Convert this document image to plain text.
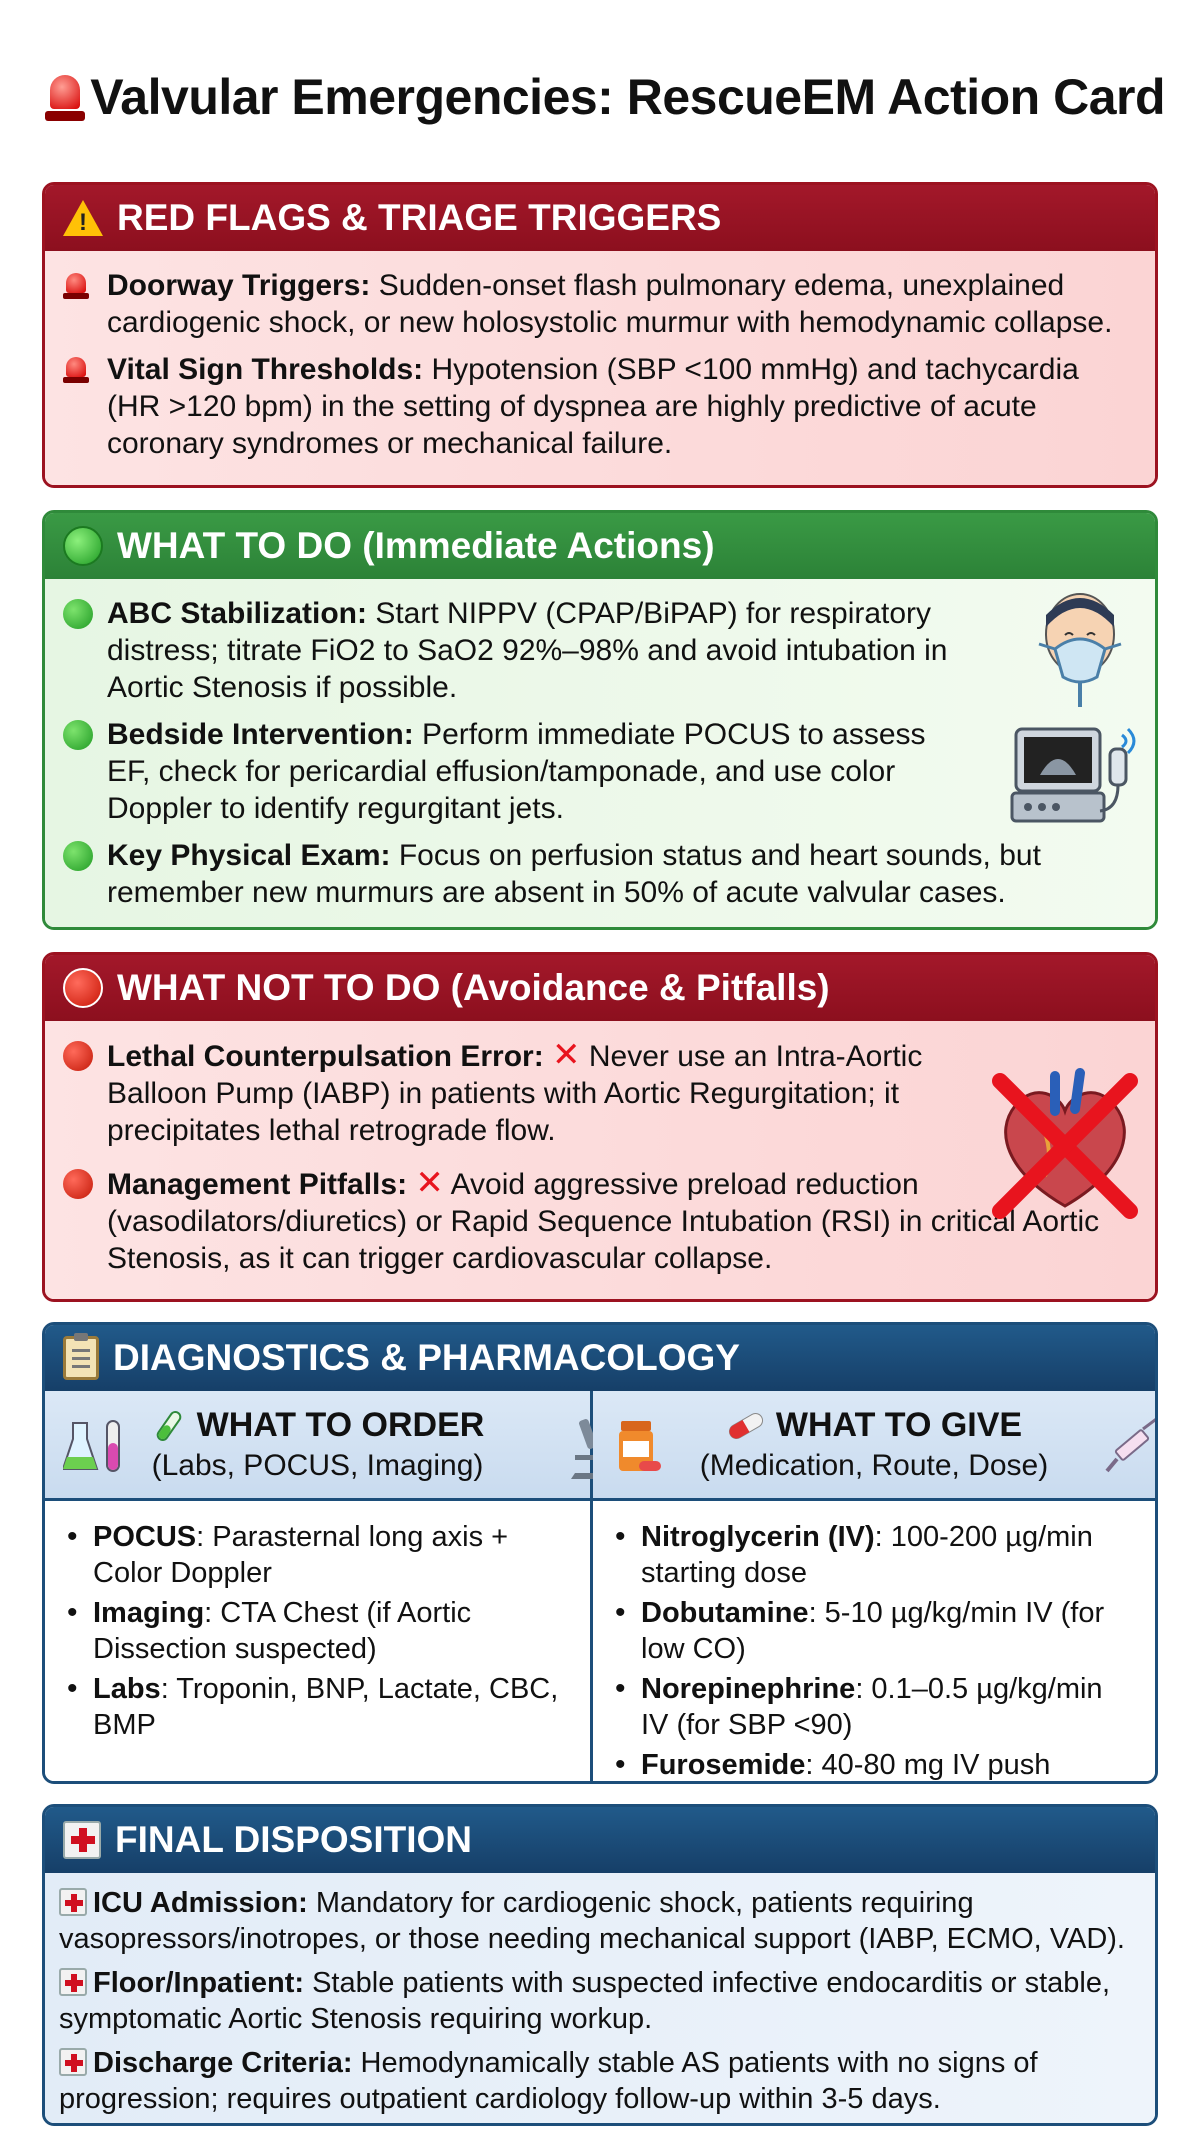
Valvular Emergencies: RescueEM Action Card
! RED FLAGS & TRIAGE TRIGGERS
Doorway Triggers: Sudden-onset flash pulmonary edema, unexplained cardiogenic shock, or new holosystolic murmur with hemodynamic collapse.
Vital Sign Thresholds: Hypotension (SBP <100 mmHg) and tachycardia (HR >120 bpm) in the setting of dyspnea are highly predictive of acute coronary syndromes or mechanical failure.
WHAT TO DO (Immediate Actions)
ABC Stabilization: Start NIPPV (CPAP/BiPAP) for respiratory distress; titrate FiO2 to SaO2 92%–98% and avoid intubation in Aortic Stenosis if possible.
Bedside Intervention: Perform immediate POCUS to assess EF, check for pericardial effusion/tamponade, and use color Doppler to identify regurgitant jets.
Key Physical Exam: Focus on perfusion status and heart sounds, but remember new murmurs are absent in 50% of acute valvular cases.
WHAT NOT TO DO (Avoidance & Pitfalls)
Lethal Counterpulsation Error: ✕ Never use an Intra-Aortic Balloon Pump (IABP) in patients with Aortic Regurgitation; it precipitates lethal retrograde flow.
Management Pitfalls: ✕ Avoid aggressive preload reduction (vasodilators/diuretics) or Rapid Sequence Intubation (RSI) in critical Aortic Stenosis, as it can trigger cardiovascular collapse.
DIAGNOSTICS & PHARMACOLOGY
WHAT TO ORDER
(Labs, POCUS, Imaging)
WHAT TO GIVE
(Medication, Route, Dose)
• POCUS: Parasternal long axis + Color Doppler
• Imaging: CTA Chest (if Aortic Dissection suspected)
• Labs: Troponin, BNP, Lactate, CBC, BMP
• Nitroglycerin (IV): 100-200 µg/min starting dose
• Dobutamine: 5-10 µg/kg/min IV (for low CO)
• Norepinephrine: 0.1–0.5 µg/kg/min IV (for SBP <90)
• Furosemide: 40-80 mg IV push
FINAL DISPOSITION
ICU Admission: Mandatory for cardiogenic shock, patients requiring vasopressors/inotropes, or those needing mechanical support (IABP, ECMO, VAD).
Floor/Inpatient: Stable patients with suspected infective endocarditis or stable, symptomatic Aortic Stenosis requiring workup.
Discharge Criteria: Hemodynamically stable AS patients with no signs of progression; requires outpatient cardiology follow-up within 3-5 days.
